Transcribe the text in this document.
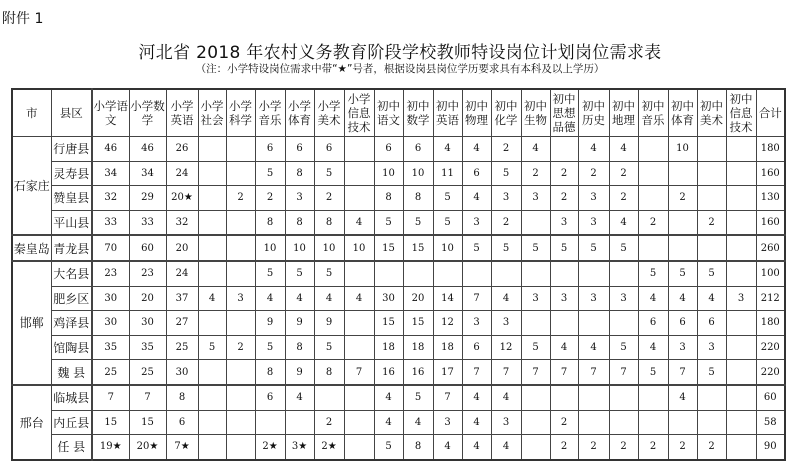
附件 1
河北省 2018 年农村义务教育阶段学校教师特设岗位计划岗位需求表
（注：小学特设岗位需求中带“★”号者，根据设岗县岗位学历要求具有本科及以上学历）
市	县区	小学语文	小学数学	小学英语	小学社会	小学科学	小学音乐	小学体育	小学美术	小学信息技术	初中语文	初中数学	初中英语	初中物理	初中化学	初中生物	初中思想品德	初中历史	初中地理	初中音乐	初中体育	初中美术	初中信息技术	合计
石家庄	行唐县	46	46	26			6	6	6		6	6	4	4	2	4		4	4		10			180
	灵寿县	34	34	24			5	8	5		10	10	11	6	5	2	2	2	2					160
	赞皇县	32	29	20★		2	2	3	2		8	8	5	4	3	3	2	3	2		2			130
	平山县	33	33	32			8	8	8	4	5	5	5	3	2		3	3	4	2		2		160
秦皇岛	青龙县	70	60	20			10	10	10	10	15	15	10	5	5	5	5	5	5					260
邯郸	大名县	23	23	24			5	5	5											5	5	5		100
	肥乡区	30	20	37	4	3	4	4	4	4	30	20	14	7	4	3	3	3	3	4	4	4	3	212
	鸡泽县	30	30	27			9	9	9		15	15	12	3	3					6	6	6		180
	馆陶县	35	35	25	5	2	5	8	5		18	18	18	6	12	5	4	4	5	4	3	3		220
	魏 县	25	25	30			8	9	8	7	16	16	17	7	7	7	7	7	7	5	7	5		220
邢台	临城县	7	7	8			6	4			4	5	7	4	4						4			60
	内丘县	15	15	6					2		4	4	3	4	3		2							58
	任 县	19★	20★	7★			2★	3★	2★		5	8	4	4	4		2	2	2	2	2	2		90
